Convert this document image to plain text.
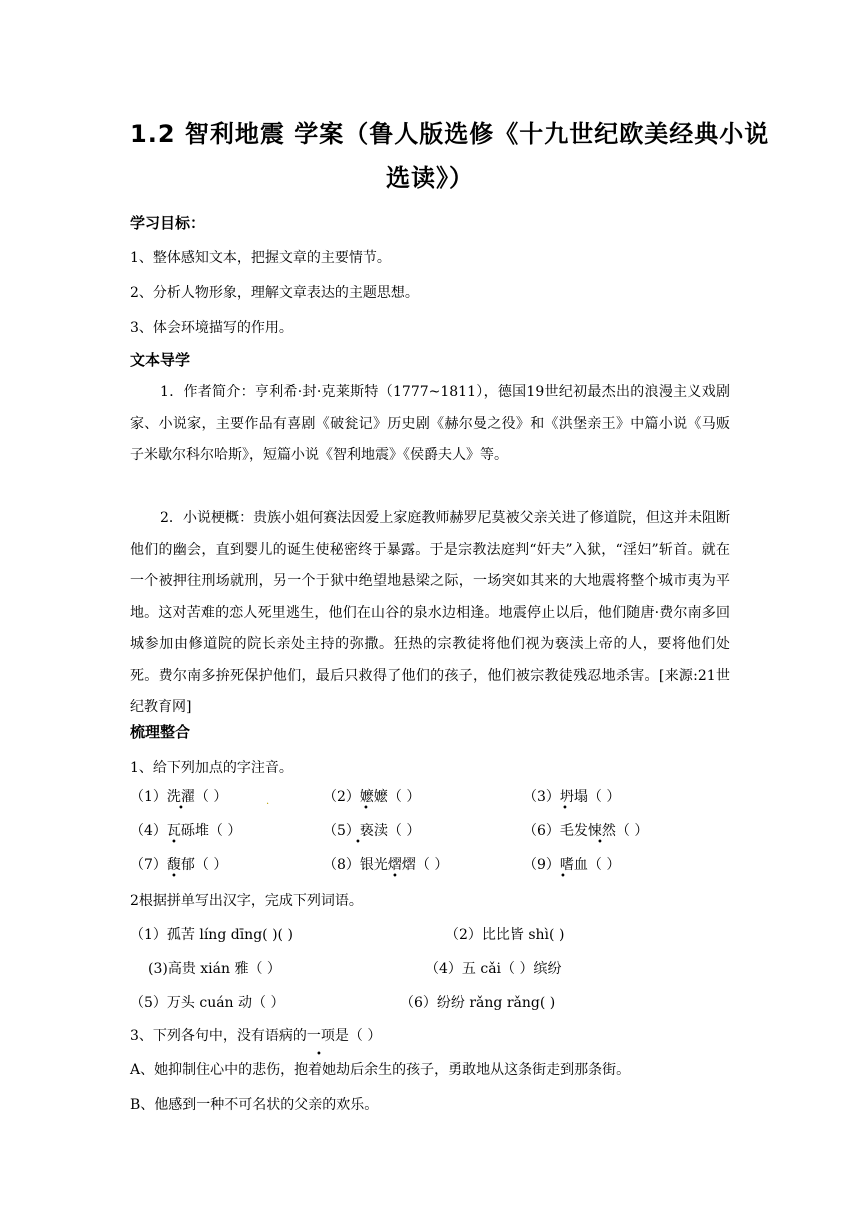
1.2 智利地震 学案（鲁人版选修《十九世纪欧美经典小说
选读》）
学习目标：
1、整体感知文本，把握文章的主要情节。
2、分析人物形象，理解文章表达的主题思想。
3、体会环境描写的作用。
文本导学

1．作者简介：亨利希·封·克莱斯特（1777~1811），德国19世纪初最杰出的浪漫主义戏剧家、小说家，主要作品有喜剧《破瓮记》历史剧《赫尔曼之役》和《洪堡亲王》中篇小说《马贩子米歇尔科尔哈斯》，短篇小说《智利地震》《侯爵夫人》等。

2．小说梗概：贵族小姐何赛法因爱上家庭教师赫罗尼莫被父亲关进了修道院，但这并未阻断他们的幽会，直到婴儿的诞生使秘密终于暴露。于是宗教法庭判“奸夫”入狱，“淫妇”斩首。就在一个被押往刑场就刑，另一个于狱中绝望地悬梁之际，一场突如其来的大地震将整个城市夷为平地。这对苦难的恋人死里逃生，他们在山谷的泉水边相逢。地震停止以后，他们随唐·费尔南多回城参加由修道院的院长亲处主持的弥撒。狂热的宗教徒将他们视为亵渎上帝的人，要将他们处死。费尔南多拚死保护他们，最后只救得了他们的孩子，他们被宗教徒残忍地杀害。[来源:21世纪教育网]

梳理整合
1、给下列加点的字注音。
（1）洗濯（ ）	（2）嬷嬷（ ）	（3）坍塌（ ）
（4）瓦砾堆（ ）	（5）亵渎（ ）	（6）毛发悚然（ ）
（7）馥郁（ ）	（8）银光熠熠（ ）	（9）嗜血（ ）
•
.
•	•
•	•	•
•	•	•
2根据拼单写出汉字，完成下列词语。
（1）孤苦 líng dīng( )( )	（2）比比皆 shì( )
(3)高贵 xián 雅（ ）	（4）五 cǎi（ ）缤纷
（5）万头 cuán 动（ ）	（6）纷纷 rǎng rǎng( )
3、下列各句中，没有语病的一项是（ ）
•
A、她抑制住心中的悲伤，抱着她劫后余生的孩子，勇敢地从这条街走到那条街。
B、他感到一种不可名状的父亲的欢乐。
